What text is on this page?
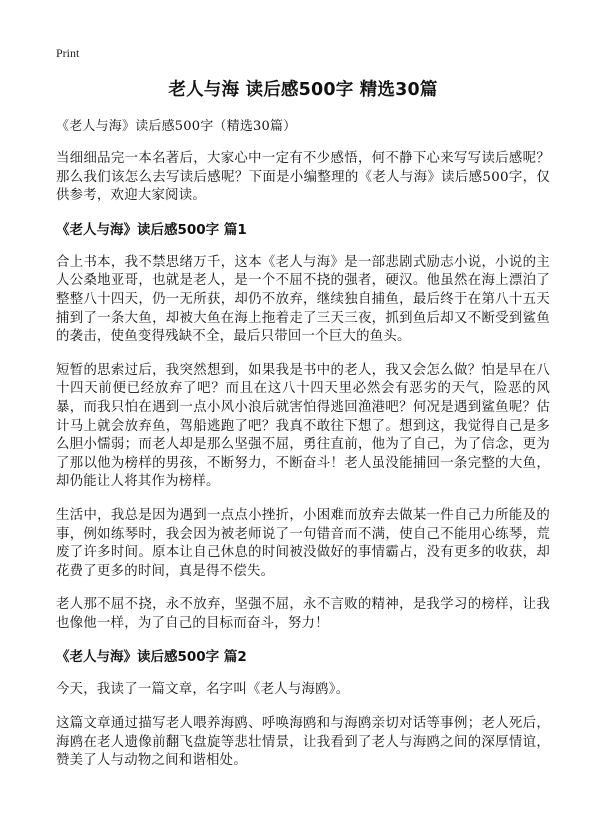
Print
老人与海 读后感500字 精选30篇
《老人与海》读后感500字（精选30篇）

当细细品完一本名著后，大家心中一定有不少感悟，何不静下心来写写读后感呢？那么我们该怎么去写读后感呢？下面是小编整理的《老人与海》读后感500字，仅供参考，欢迎大家阅读。

《老人与海》读后感500字 篇1

合上书本，我不禁思绪万千，这本《老人与海》是一部悲剧式励志小说，小说的主人公桑地亚哥，也就是老人，是一个不屈不挠的强者，硬汉。他虽然在海上漂泊了整整八十四天，仍一无所获，却仍不放弃，继续独自捕鱼，最后终于在第八十五天捕到了一条大鱼，却被大鱼在海上拖着走了三天三夜，抓到鱼后却又不断受到鲨鱼的袭击，使鱼变得残缺不全，最后只带回一个巨大的鱼头。

短暂的思索过后，我突然想到，如果我是书中的老人，我又会怎么做？怕是早在八十四天前便已经放弃了吧？而且在这八十四天里必然会有恶劣的天气，险恶的风暴，而我只怕在遇到一点小风小浪后就害怕得逃回渔港吧？何况是遇到鲨鱼呢？估计马上就会放弃鱼，驾船逃跑了吧？我真不敢往下想了。想到这，我觉得自己是多么胆小懦弱；而老人却是那么坚强不屈，勇往直前，他为了自己，为了信念，更为了那以他为榜样的男孩，不断努力，不断奋斗！老人虽没能捕回一条完整的大鱼，却仍能让人将其作为榜样。

生活中，我总是因为遇到一点点小挫折，小困难而放弃去做某一件自己力所能及的事，例如练琴时，我会因为被老师说了一句错音而不满，使自己不能用心练琴，荒废了许多时间。原本让自己休息的时间被没做好的事情霸占，没有更多的收获，却花费了更多的时间，真是得不偿失。

老人那不屈不挠，永不放弃，坚强不屈，永不言败的精神，是我学习的榜样，让我也像他一样，为了自己的目标而奋斗，努力！

《老人与海》读后感500字 篇2

今天，我读了一篇文章，名字叫《老人与海鸥》。

这篇文章通过描写老人喂养海鸥、呼唤海鸥和与海鸥亲切对话等事例；老人死后，海鸥在老人遗像前翻飞盘旋等悲壮情景，让我看到了老人与海鸥之间的深厚情谊，赞美了人与动物之间和谐相处。
